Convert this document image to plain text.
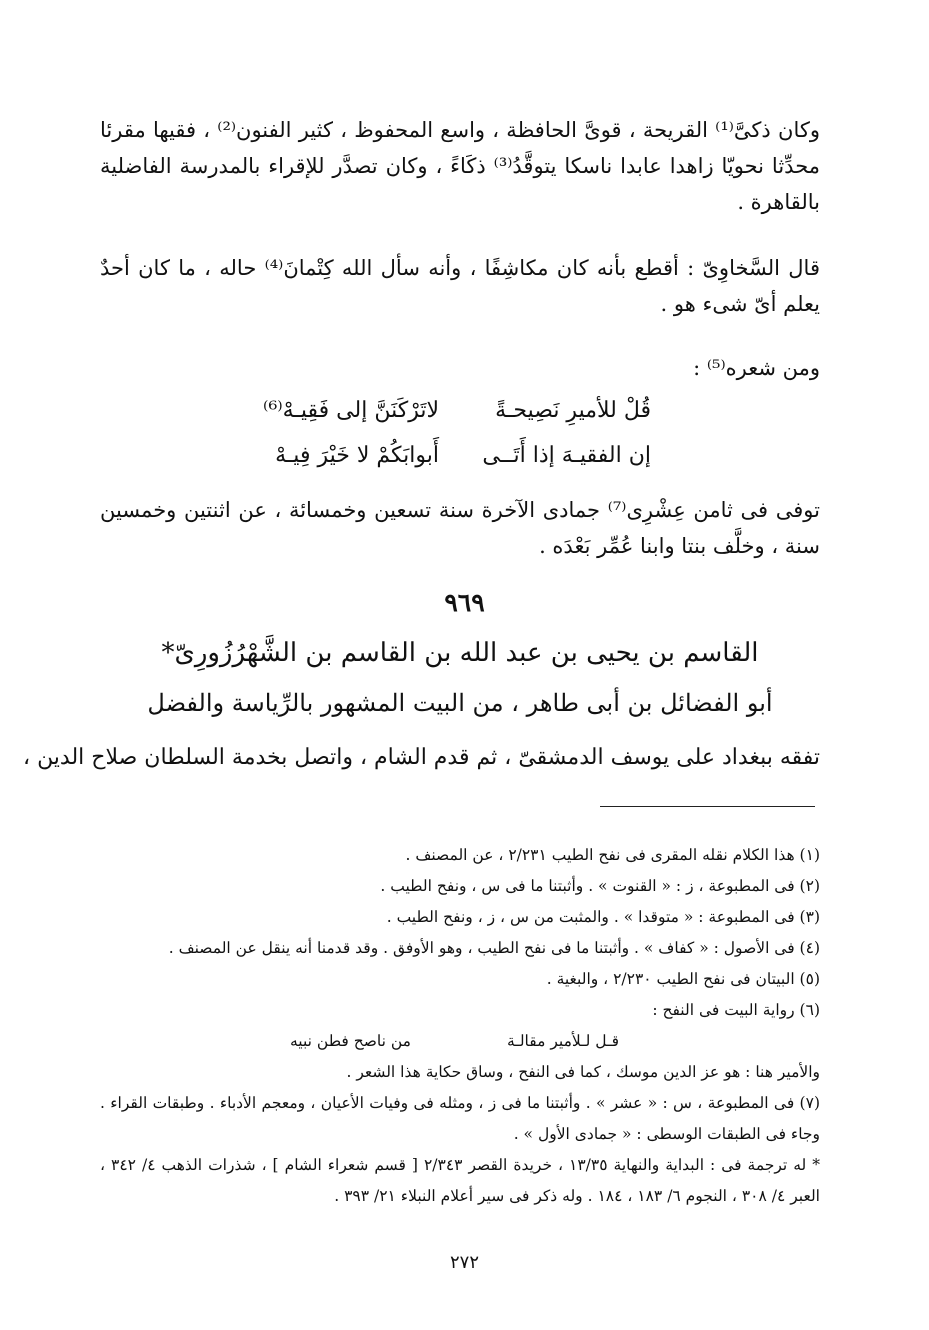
وكان ذكىَّ⁽¹⁾ القريحة ، قوىَّ الحافظة ، واسع المحفوظ ، كثير الفنون⁽²⁾ ، فقيها مقرئا محدِّثا نحويّا زاهدا عابدا ناسكا يتوقَّدُ⁽³⁾ ذكَاءً ، وكان تصدَّر للإقراء بالمدرسة الفاضلية بالقاهرة .
قال السَّخاوِىّ : أقطع بأنه كان مكاشِفًا ، وأنه سأل الله كِتْمانَ⁽⁴⁾ حاله ، ما كان أحدٌ يعلم أىّ شىء هو .
ومن شعره⁽⁵⁾ :
قُلْ للأميرِ نَصِيحـةً
لاتَرْكَنَنَّ إلى فَقِيـهْ⁽⁶⁾
إن الفقيـهَ إذا أَتَــى
أَبوابَكُمْ لا خَيْرَ فِيـهْ
توفى فى ثامن عِشْرِى⁽⁷⁾ جمادى الآخرة سنة تسعين وخمسائة ، عن اثنتين وخمسين سنة ، وخلَّف بنتا وابنا عُمِّر بَعْدَه .
٩٦٩
القاسم بن يحيى بن عبد الله بن القاسم بن الشَّهْرُزُورِىّ*
أبو الفضائل بن أبى طاهر ، من البيت المشهور بالرِّياسة والفضل
تفقه ببغداد على يوسف الدمشقىّ ، ثم قدم الشام ، واتصل بخدمة السلطان صلاح الدين ،
(١) هذا الكلام نقله المقرى فى نفح الطيب ٢/٢٣١ ، عن المصنف .
(٢) فى المطبوعة ، ز : « القنوت » . وأثبتنا ما فى س ، ونفح الطيب .
(٣) فى المطبوعة : « متوقدا » . والمثبت من س ، ز ، ونفح الطيب .
(٤) فى الأصول : « كفاف » . وأثبتنا ما فى نفح الطيب ، وهو الأوفق . وقد قدمنا أنه ينقل عن المصنف .
(٥) البيتان فى نفح الطيب ٢/٢٣٠ ، والبغية .
(٦) رواية البيت فى النفح :
قـل لـلأمير مقالـة
من ناصح فطن نبيه
والأمير هنا : هو عز الدين موسك ، كما فى النفح ، وساق حكاية هذا الشعر .
(٧) فى المطبوعة ، س : « عشر » . وأثبتنا ما فى ز ، ومثله فى وفيات الأعيان ، ومعجم الأدباء . وطبقات القراء . وجاء فى الطبقات الوسطى : « جمادى الأول » .
* له ترجمة فى : البداية والنهاية ١٣/٣٥ ، خريدة القصر ٢/٣٤٣ [ قسم شعراء الشام ] ، شذرات الذهب ٤/ ٣٤٢ ، العبر ٤/ ٣٠٨ ، النجوم ٦/ ١٨٣ ، ١٨٤ . وله ذكر فى سير أعلام النبلاء ٢١/ ٣٩٣ .
٢٧٢
